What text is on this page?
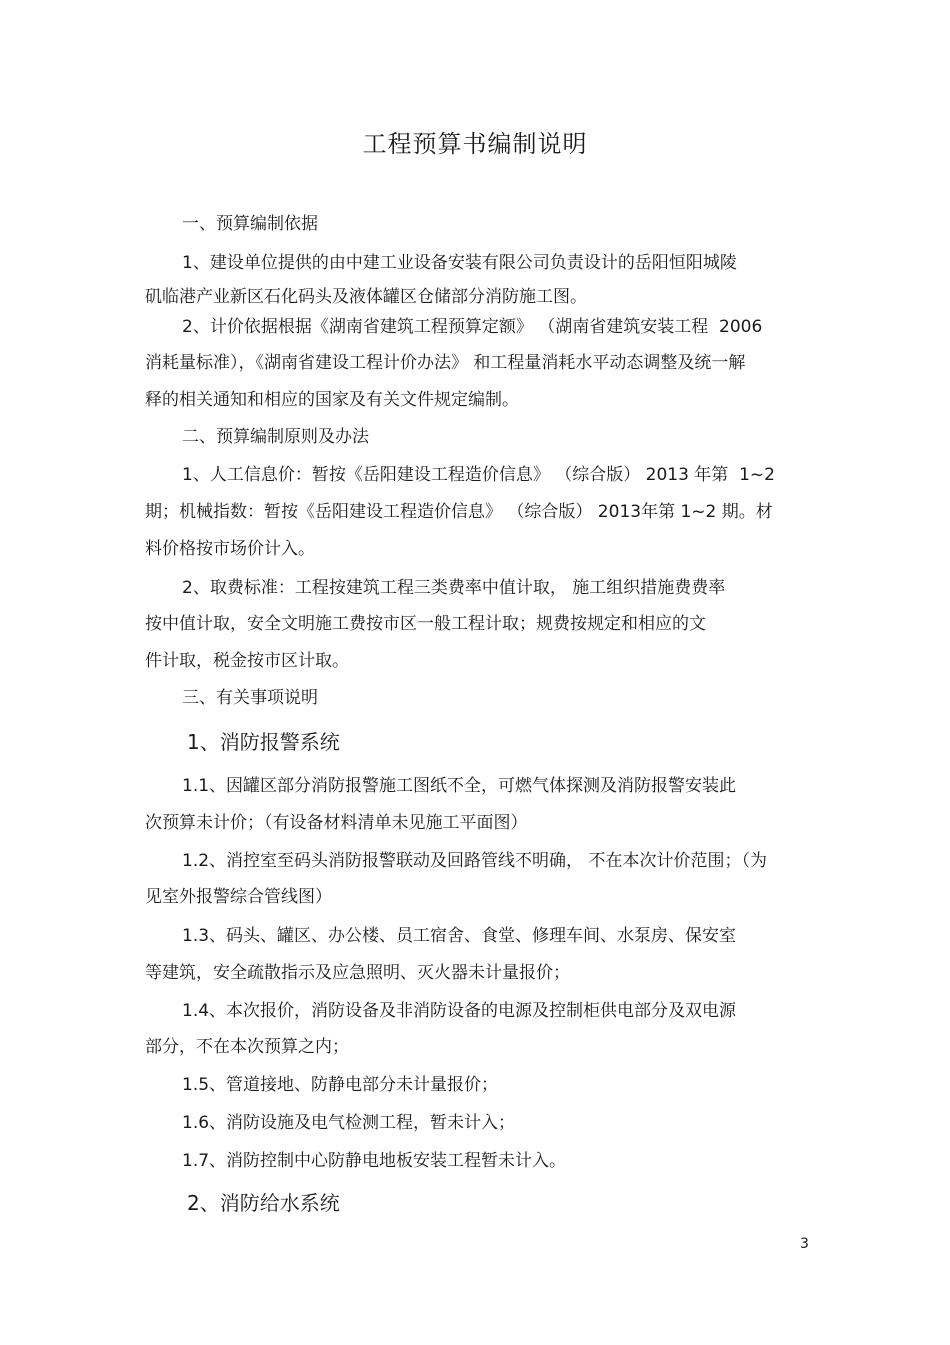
工程预算书编制说明
一、预算编制依据
1、建设单位提供的由中建工业设备安装有限公司负责设计的岳阳恒阳城陵
矶临港产业新区石化码头及液体罐区仓储部分消防施工图。
2、计价依据根据《湖南省建筑工程预算定额》 （湖南省建筑安装工程  2006
消耗量标准），《湖南省建设工程计价办法》 和工程量消耗水平动态调整及统一解
释的相关通知和相应的国家及有关文件规定编制。
二、预算编制原则及办法
1、人工信息价：暂按《岳阳建设工程造价信息》 （综合版） 2013 年第  1~2
期；机械指数：暂按《岳阳建设工程造价信息》 （综合版） 2013年第 1~2 期。材
料价格按市场价计入。
2、取费标准：工程按建筑工程三类费率中值计取， 施工组织措施费费率
按中值计取，安全文明施工费按市区一般工程计取；规费按规定和相应的文
件计取，税金按市区计取。
三、有关事项说明
1、消防报警系统
1.1、因罐区部分消防报警施工图纸不全，可燃气体探测及消防报警安装此
次预算未计价；（有设备材料清单未见施工平面图）
1.2、消控室至码头消防报警联动及回路管线不明确， 不在本次计价范围；（为
见室外报警综合管线图）
1.3、码头、罐区、办公楼、员工宿舍、食堂、修理车间、水泵房、保安室
等建筑，安全疏散指示及应急照明、灭火器未计量报价；
1.4、本次报价，消防设备及非消防设备的电源及控制柜供电部分及双电源
部分，不在本次预算之内；
1.5、管道接地、防静电部分未计量报价；
1.6、消防设施及电气检测工程，暂未计入；
1.7、消防控制中心防静电地板安装工程暂未计入。
2、消防给水系统
3
